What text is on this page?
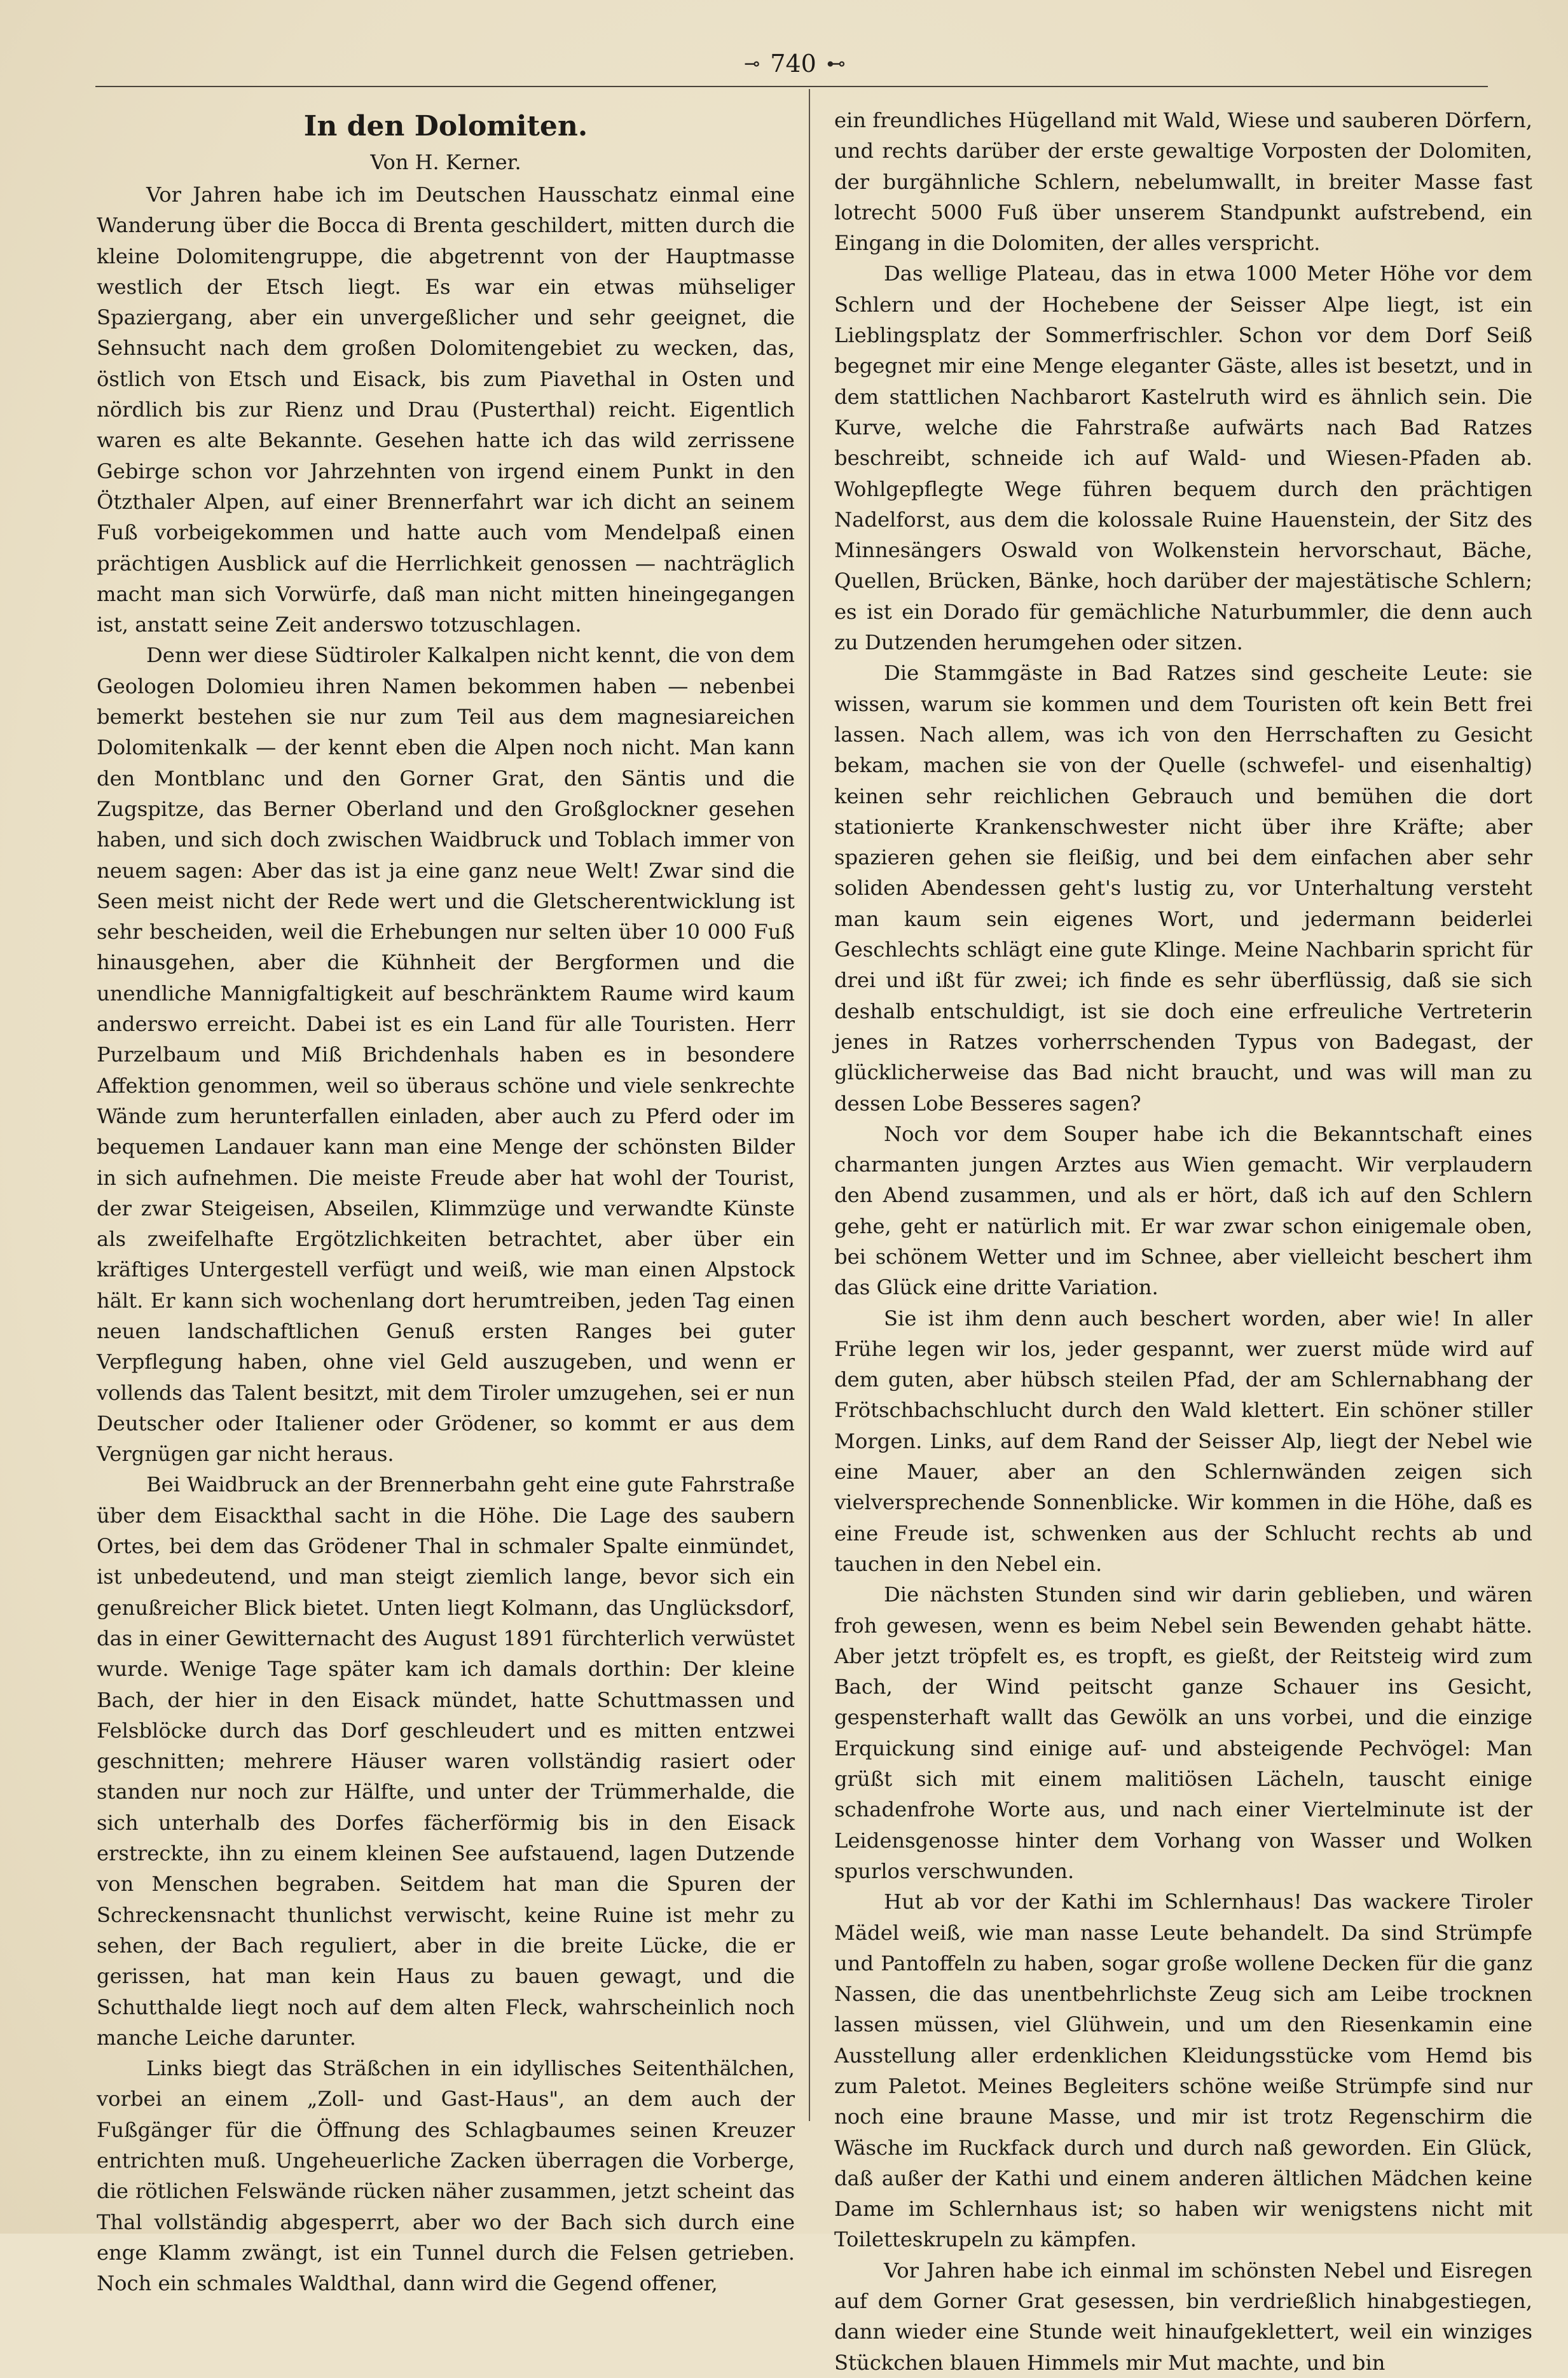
⊸ 740 ⊷
In den Dolomiten.
Von H. Kerner.

Vor Jahren habe ich im Deutschen Hausschatz einmal eine Wanderung über die Bocca di Brenta geschildert, mitten durch die kleine Dolomitengruppe, die abgetrennt von der Hauptmasse westlich der Etsch liegt. Es war ein etwas mühseliger Spaziergang, aber ein unvergeßlicher und sehr geeignet, die Sehnsucht nach dem großen Dolomitengebiet zu wecken, das, östlich von Etsch und Eisack, bis zum Piavethal in Osten und nördlich bis zur Rienz und Drau (Pusterthal) reicht. Eigentlich waren es alte Bekannte. Gesehen hatte ich das wild zerrissene Gebirge schon vor Jahrzehnten von irgend einem Punkt in den Ötzthaler Alpen, auf einer Brennerfahrt war ich dicht an seinem Fuß vorbeigekommen und hatte auch vom Mendelpaß einen prächtigen Ausblick auf die Herrlichkeit genossen — nachträglich macht man sich Vorwürfe, daß man nicht mitten hineingegangen ist, anstatt seine Zeit anderswo totzuschlagen.

Denn wer diese Südtiroler Kalkalpen nicht kennt, die von dem Geologen Dolomieu ihren Namen bekommen haben — nebenbei bemerkt bestehen sie nur zum Teil aus dem magnesiareichen Dolomitenkalk — der kennt eben die Alpen noch nicht. Man kann den Montblanc und den Gorner Grat, den Säntis und die Zugspitze, das Berner Oberland und den Großglockner gesehen haben, und sich doch zwischen Waidbruck und Toblach immer von neuem sagen: Aber das ist ja eine ganz neue Welt! Zwar sind die Seen meist nicht der Rede wert und die Gletscherentwicklung ist sehr bescheiden, weil die Erhebungen nur selten über 10 000 Fuß hinausgehen, aber die Kühnheit der Bergformen und die unendliche Mannigfaltigkeit auf beschränktem Raume wird kaum anderswo erreicht. Dabei ist es ein Land für alle Touristen. Herr Purzelbaum und Miß Brichdenhals haben es in besondere Affektion genommen, weil so überaus schöne und viele senkrechte Wände zum herunterfallen einladen, aber auch zu Pferd oder im bequemen Landauer kann man eine Menge der schönsten Bilder in sich aufnehmen. Die meiste Freude aber hat wohl der Tourist, der zwar Steigeisen, Abseilen, Klimmzüge und verwandte Künste als zweifelhafte Ergötzlichkeiten betrachtet, aber über ein kräftiges Untergestell verfügt und weiß, wie man einen Alpstock hält. Er kann sich wochenlang dort herumtreiben, jeden Tag einen neuen landschaftlichen Genuß ersten Ranges bei guter Verpflegung haben, ohne viel Geld auszugeben, und wenn er vollends das Talent besitzt, mit dem Tiroler umzugehen, sei er nun Deutscher oder Italiener oder Grödener, so kommt er aus dem Vergnügen gar nicht heraus.

Bei Waidbruck an der Brennerbahn geht eine gute Fahrstraße über dem Eisackthal sacht in die Höhe. Die Lage des saubern Ortes, bei dem das Grödener Thal in schmaler Spalte einmündet, ist unbedeutend, und man steigt ziemlich lange, bevor sich ein genußreicher Blick bietet. Unten liegt Kolmann, das Unglücksdorf, das in einer Gewitternacht des August 1891 fürchterlich verwüstet wurde. Wenige Tage später kam ich damals dorthin: Der kleine Bach, der hier in den Eisack mündet, hatte Schuttmassen und Felsblöcke durch das Dorf geschleudert und es mitten entzwei geschnitten; mehrere Häuser waren vollständig rasiert oder standen nur noch zur Hälfte, und unter der Trümmerhalde, die sich unterhalb des Dorfes fächerförmig bis in den Eisack erstreckte, ihn zu einem kleinen See aufstauend, lagen Dutzende von Menschen begraben. Seitdem hat man die Spuren der Schreckensnacht thunlichst verwischt, keine Ruine ist mehr zu sehen, der Bach reguliert, aber in die breite Lücke, die er gerissen, hat man kein Haus zu bauen gewagt, und die Schutthalde liegt noch auf dem alten Fleck, wahrscheinlich noch manche Leiche darunter.

Links biegt das Sträßchen in ein idyllisches Seitenthälchen, vorbei an einem „Zoll- und Gast-Haus", an dem auch der Fußgänger für die Öffnung des Schlagbaumes seinen Kreuzer entrichten muß. Ungeheuerliche Zacken überragen die Vorberge, die rötlichen Felswände rücken näher zusammen, jetzt scheint das Thal vollständig abgesperrt, aber wo der Bach sich durch eine enge Klamm zwängt, ist ein Tunnel durch die Felsen getrieben. Noch ein schmales Waldthal, dann wird die Gegend offener,

ein freundliches Hügelland mit Wald, Wiese und sauberen Dörfern, und rechts darüber der erste gewaltige Vorposten der Dolomiten, der burgähnliche Schlern, nebelumwallt, in breiter Masse fast lotrecht 5000 Fuß über unserem Standpunkt aufstrebend, ein Eingang in die Dolomiten, der alles verspricht.

Das wellige Plateau, das in etwa 1000 Meter Höhe vor dem Schlern und der Hochebene der Seisser Alpe liegt, ist ein Lieblingsplatz der Sommerfrischler. Schon vor dem Dorf Seiß begegnet mir eine Menge eleganter Gäste, alles ist besetzt, und in dem stattlichen Nachbarort Kastelruth wird es ähnlich sein. Die Kurve, welche die Fahrstraße aufwärts nach Bad Ratzes beschreibt, schneide ich auf Wald- und Wiesen-Pfaden ab. Wohlgepflegte Wege führen bequem durch den prächtigen Nadelforst, aus dem die kolossale Ruine Hauenstein, der Sitz des Minnesängers Oswald von Wolkenstein hervorschaut, Bäche, Quellen, Brücken, Bänke, hoch darüber der majestätische Schlern; es ist ein Dorado für gemächliche Naturbummler, die denn auch zu Dutzenden herumgehen oder sitzen.

Die Stammgäste in Bad Ratzes sind gescheite Leute: sie wissen, warum sie kommen und dem Touristen oft kein Bett frei lassen. Nach allem, was ich von den Herrschaften zu Gesicht bekam, machen sie von der Quelle (schwefel- und eisenhaltig) keinen sehr reichlichen Gebrauch und bemühen die dort stationierte Krankenschwester nicht über ihre Kräfte; aber spazieren gehen sie fleißig, und bei dem einfachen aber sehr soliden Abendessen geht's lustig zu, vor Unterhaltung versteht man kaum sein eigenes Wort, und jedermann beiderlei Geschlechts schlägt eine gute Klinge. Meine Nachbarin spricht für drei und ißt für zwei; ich finde es sehr überflüssig, daß sie sich deshalb entschuldigt, ist sie doch eine erfreuliche Vertreterin jenes in Ratzes vorherrschenden Typus von Badegast, der glücklicherweise das Bad nicht braucht, und was will man zu dessen Lobe Besseres sagen?

Noch vor dem Souper habe ich die Bekanntschaft eines charmanten jungen Arztes aus Wien gemacht. Wir verplaudern den Abend zusammen, und als er hört, daß ich auf den Schlern gehe, geht er natürlich mit. Er war zwar schon einigemale oben, bei schönem Wetter und im Schnee, aber vielleicht beschert ihm das Glück eine dritte Variation.

Sie ist ihm denn auch beschert worden, aber wie! In aller Frühe legen wir los, jeder gespannt, wer zuerst müde wird auf dem guten, aber hübsch steilen Pfad, der am Schlernabhang der Frötschbachschlucht durch den Wald klettert. Ein schöner stiller Morgen. Links, auf dem Rand der Seisser Alp, liegt der Nebel wie eine Mauer, aber an den Schlernwänden zeigen sich vielversprechende Sonnenblicke. Wir kommen in die Höhe, daß es eine Freude ist, schwenken aus der Schlucht rechts ab und tauchen in den Nebel ein.

Die nächsten Stunden sind wir darin geblieben, und wären froh gewesen, wenn es beim Nebel sein Bewenden gehabt hätte. Aber jetzt tröpfelt es, es tropft, es gießt, der Reitsteig wird zum Bach, der Wind peitscht ganze Schauer ins Gesicht, gespensterhaft wallt das Gewölk an uns vorbei, und die einzige Erquickung sind einige auf- und absteigende Pechvögel: Man grüßt sich mit einem malitiösen Lächeln, tauscht einige schadenfrohe Worte aus, und nach einer Viertelminute ist der Leidensgenosse hinter dem Vorhang von Wasser und Wolken spurlos verschwunden.

Hut ab vor der Kathi im Schlernhaus! Das wackere Tiroler Mädel weiß, wie man nasse Leute behandelt. Da sind Strümpfe und Pantoffeln zu haben, sogar große wollene Decken für die ganz Nassen, die das unentbehrlichste Zeug sich am Leibe trocknen lassen müssen, viel Glühwein, und um den Riesenkamin eine Ausstellung aller erdenklichen Kleidungsstücke vom Hemd bis zum Paletot. Meines Begleiters schöne weiße Strümpfe sind nur noch eine braune Masse, und mir ist trotz Regenschirm die Wäsche im Ruckfack durch und durch naß geworden. Ein Glück, daß außer der Kathi und einem anderen ältlichen Mädchen keine Dame im Schlernhaus ist; so haben wir wenigstens nicht mit Toiletteskrupeln zu kämpfen.

Vor Jahren habe ich einmal im schönsten Nebel und Eisregen auf dem Gorner Grat gesessen, bin verdrießlich hinabgestiegen, dann wieder eine Stunde weit hinaufgeklettert, weil ein winziges Stückchen blauen Himmels mir Mut machte, und bin
